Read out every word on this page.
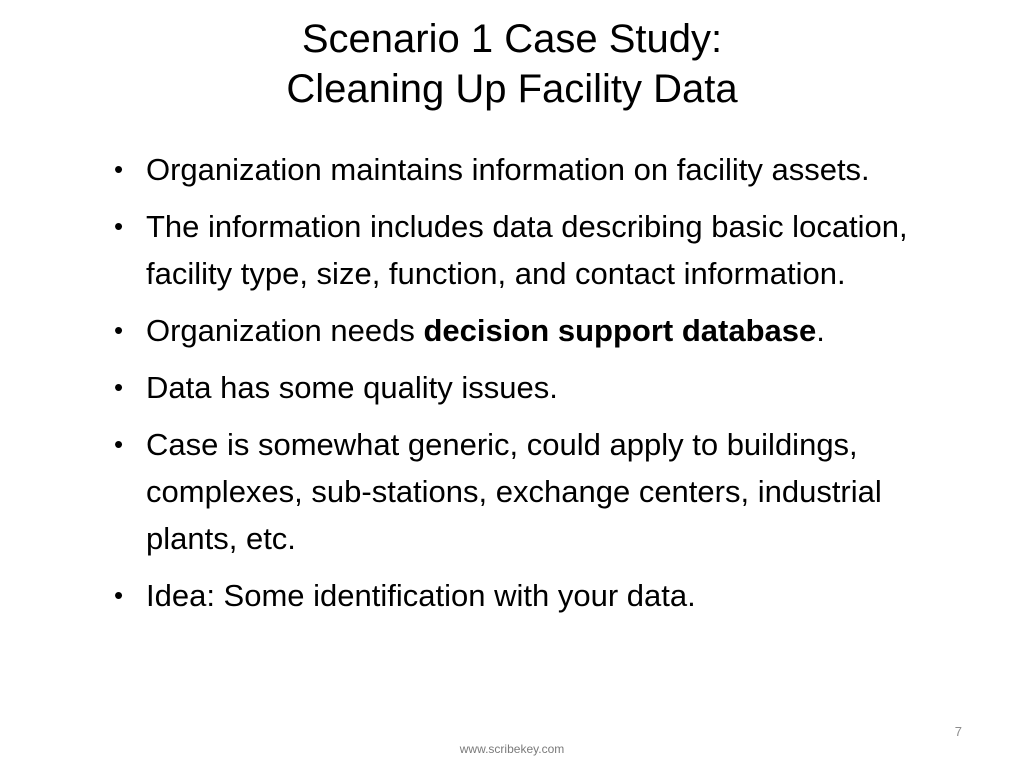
Scenario 1 Case Study:
Cleaning Up Facility Data
• Organization maintains information on facility assets.
• The information includes data describing basic location, facility type, size, function, and contact information.
• Organization needs decision support database.
• Data has some quality issues.
• Case is somewhat generic, could apply to buildings, complexes, sub-stations, exchange centers, industrial plants, etc.
• Idea: Some identification with your data.
7
www.scribekey.com
